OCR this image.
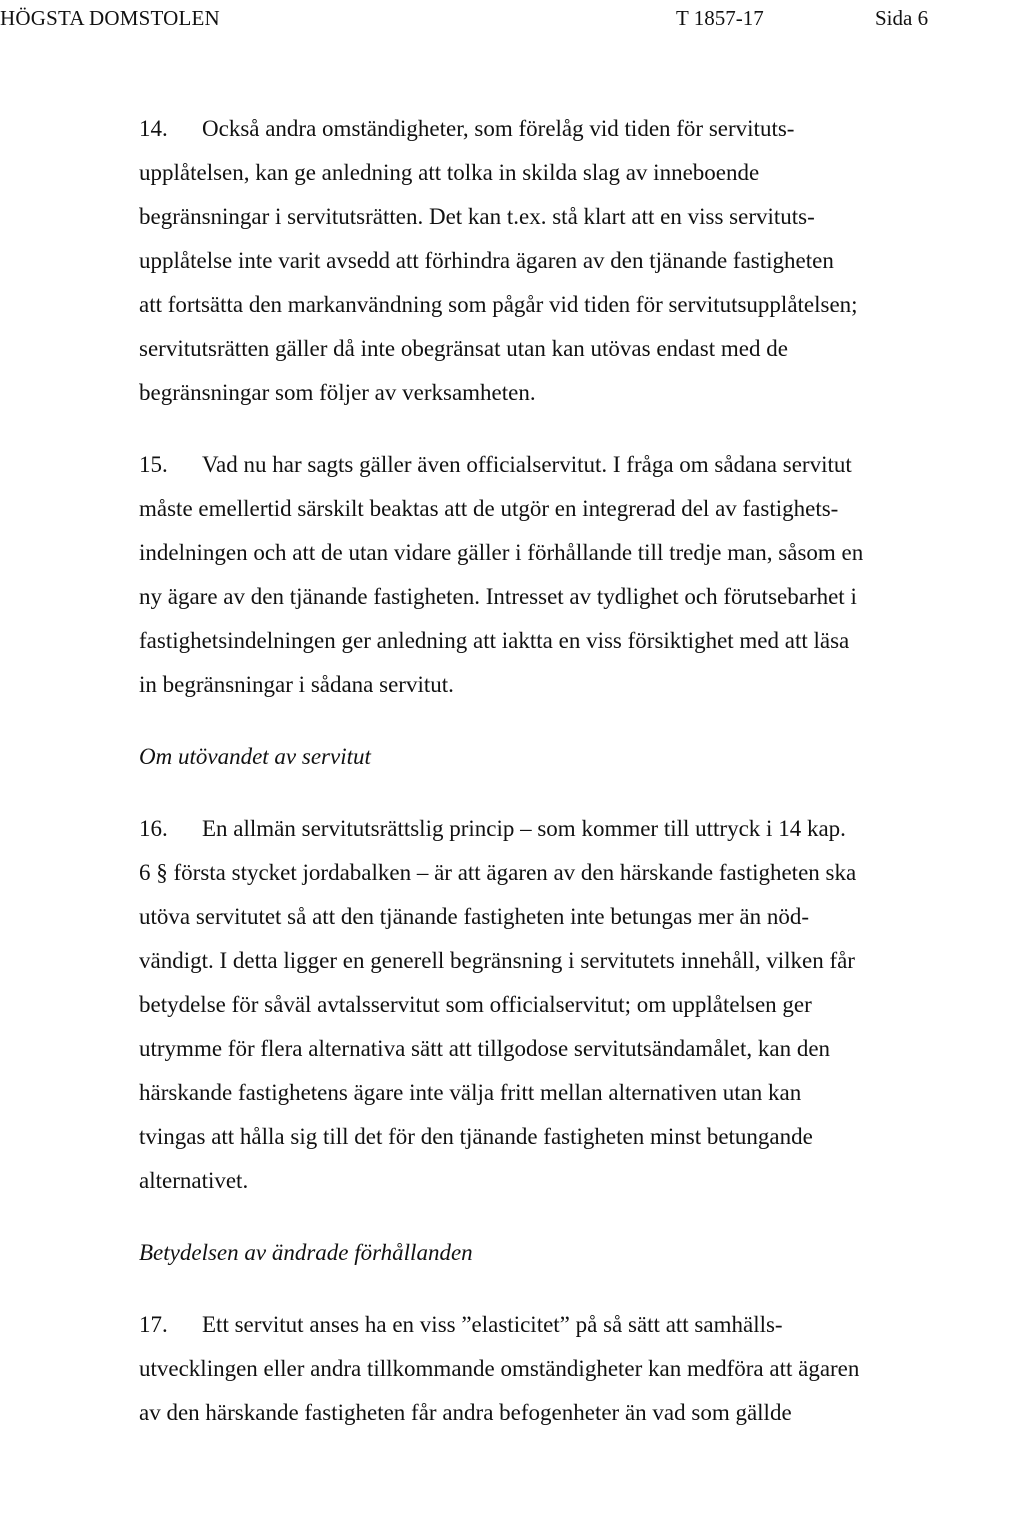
HÖGSTA DOMSTOLEN	T 1857-17	Sida 6
14.	Också andra omständigheter, som förelåg vid tiden för servituts-
upplåtelsen, kan ge anledning att tolka in skilda slag av inneboende
begränsningar i servitutsrätten. Det kan t.ex. stå klart att en viss servituts-
upplåtelse inte varit avsedd att förhindra ägaren av den tjänande fastigheten
att fortsätta den markanvändning som pågår vid tiden för servitutsupplåtelsen;
servitutsrätten gäller då inte obegränsat utan kan utövas endast med de
begränsningar som följer av verksamheten.
15.	Vad nu har sagts gäller även officialservitut. I fråga om sådana servitut
måste emellertid särskilt beaktas att de utgör en integrerad del av fastighets-
indelningen och att de utan vidare gäller i förhållande till tredje man, såsom en
ny ägare av den tjänande fastigheten. Intresset av tydlighet och förutsebarhet i
fastighetsindelningen ger anledning att iaktta en viss försiktighet med att läsa
in begränsningar i sådana servitut.
Om utövandet av servitut
16.	En allmän servitutsrättslig princip – som kommer till uttryck i 14 kap.
6 § första stycket jordabalken – är att ägaren av den härskande fastigheten ska
utöva servitutet så att den tjänande fastigheten inte betungas mer än nöd-
vändigt. I detta ligger en generell begränsning i servitutets innehåll, vilken får
betydelse för såväl avtalsservitut som officialservitut; om upplåtelsen ger
utrymme för flera alternativa sätt att tillgodose servitutsändamålet, kan den
härskande fastighetens ägare inte välja fritt mellan alternativen utan kan
tvingas att hålla sig till det för den tjänande fastigheten minst betungande
alternativet.
Betydelsen av ändrade förhållanden
17.	Ett servitut anses ha en viss ”elasticitet” på så sätt att samhälls-
utvecklingen eller andra tillkommande omständigheter kan medföra att ägaren
av den härskande fastigheten får andra befogenheter än vad som gällde
